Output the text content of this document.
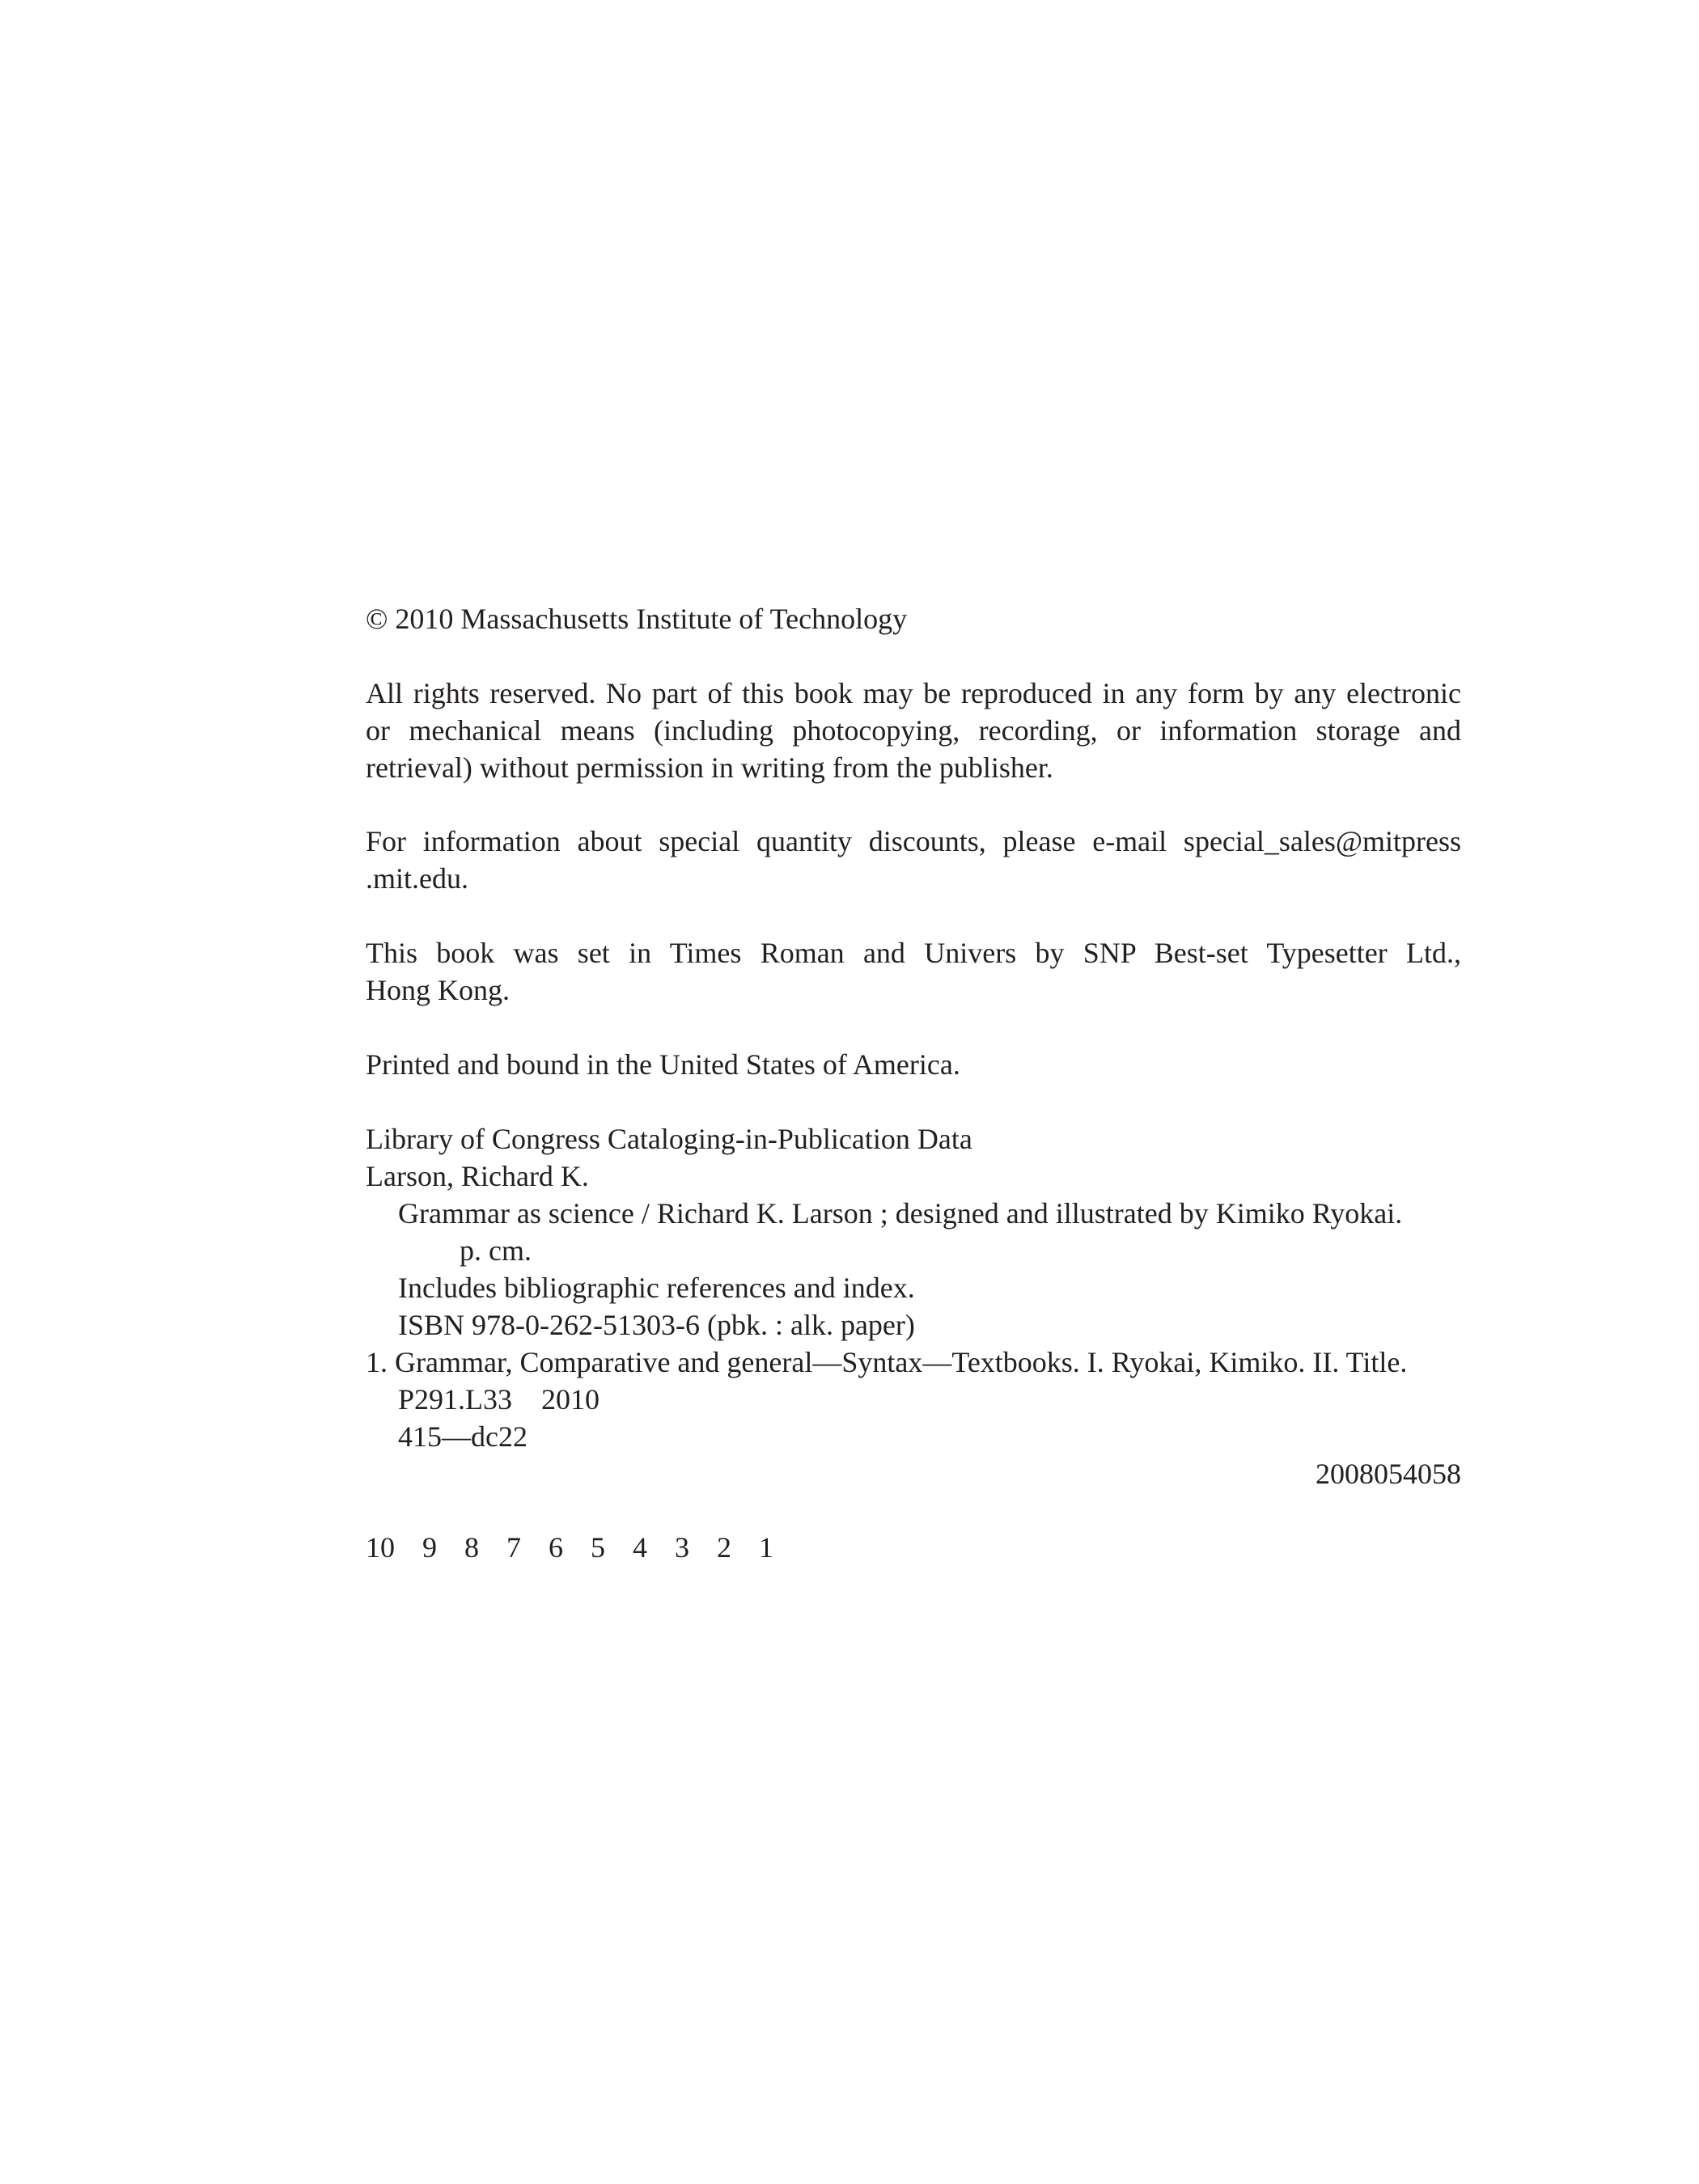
© 2010 Massachusetts Institute of Technology
All rights reserved. No part of this book may be reproduced in any form by any electronic
or mechanical means (including photocopying, recording, or information storage and
retrieval) without permission in writing from the publisher.
For information about special quantity discounts, please e-mail special_sales@mitpress
.mit.edu.
This book was set in Times Roman and Univers by SNP Best-set Typesetter Ltd.,
Hong Kong.
Printed and bound in the United States of America.
Library of Congress Cataloging-in-Publication Data
Larson, Richard K.
Grammar as science / Richard K. Larson ; designed and illustrated by Kimiko Ryokai.
p. cm.
Includes bibliographic references and index.
ISBN 978-0-262-51303-6 (pbk. : alk. paper)
1. Grammar, Comparative and general—Syntax—Textbooks. I. Ryokai, Kimiko. II. Title.
P291.L33    2010
415—dc22
2008054058
10  9  8  7  6  5  4  3  2  1
